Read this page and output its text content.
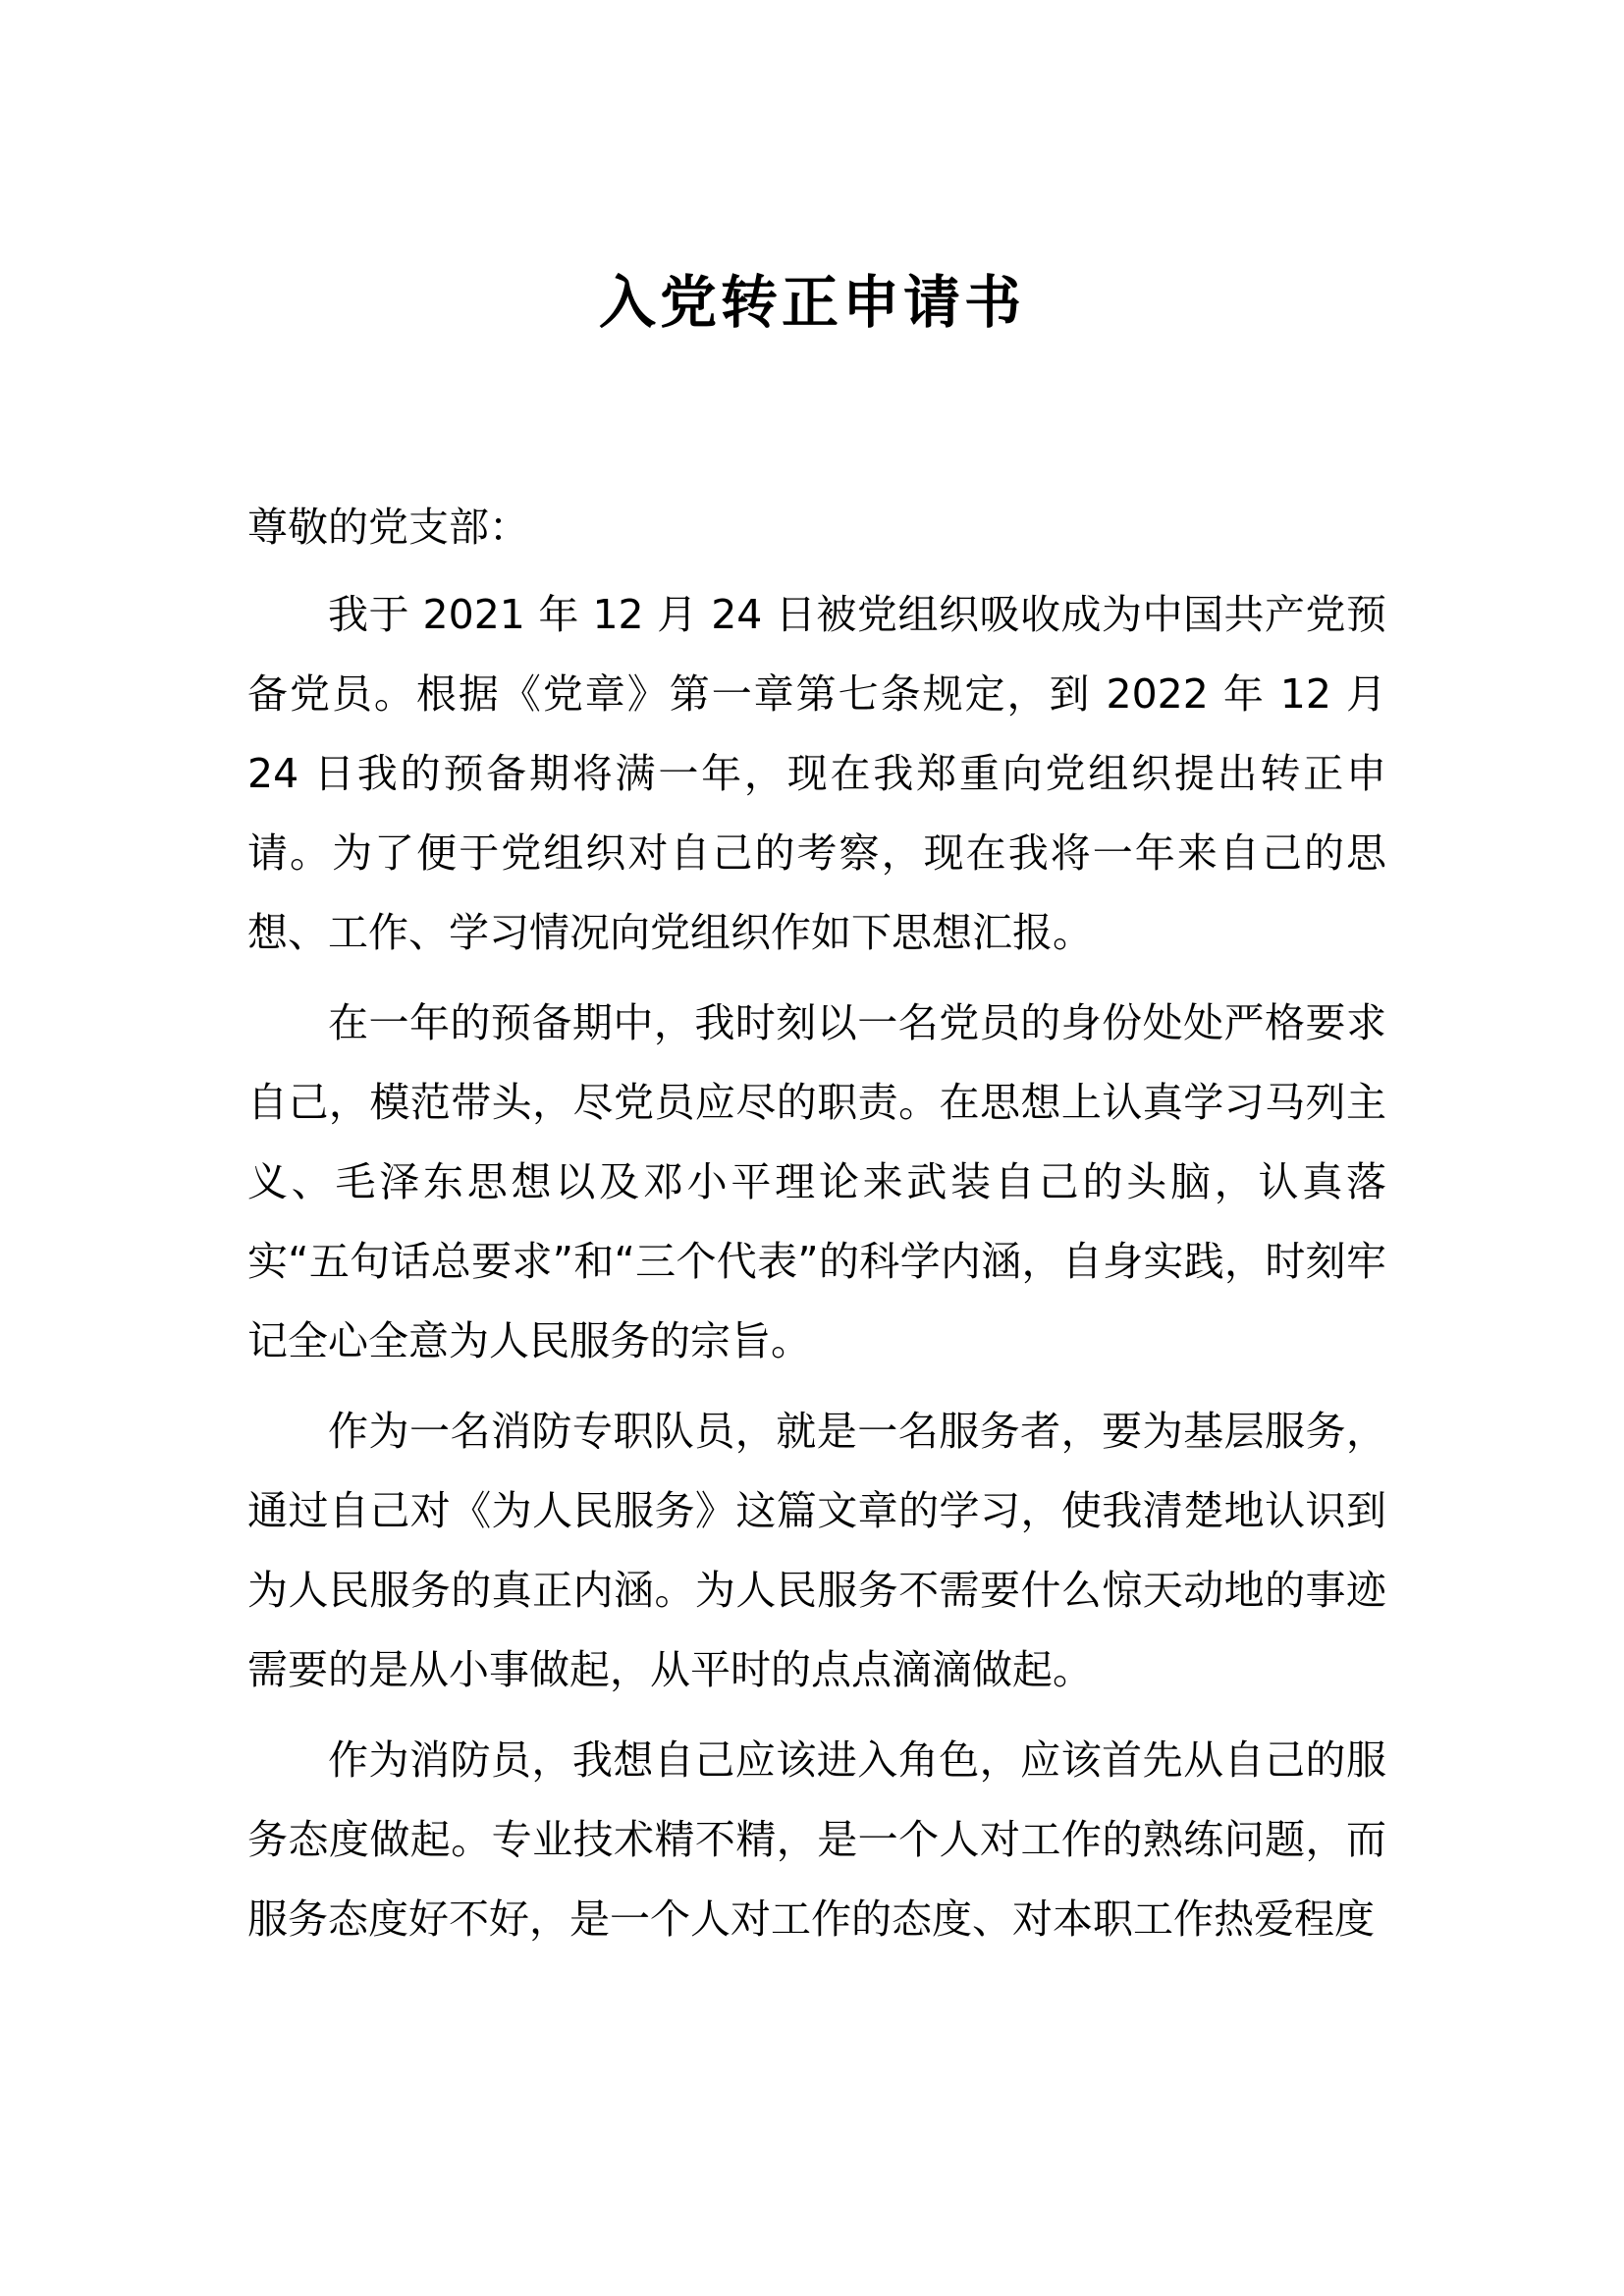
入党转正申请书

尊敬的党支部：

我于 2021 年 12 月 24 日被党组织吸收成为中国共产党预备党员。根据《党章》第一章第七条规定，到 2022 年 12 月 24 日我的预备期将满一年，现在我郑重向党组织提出转正申请。为了便于党组织对自己的考察，现在我将一年来自己的思想、工作、学习情况向党组织作如下思想汇报。

在一年的预备期中，我时刻以一名党员的身份处处严格要求自己，模范带头，尽党员应尽的职责。在思想上认真学习马列主义、毛泽东思想以及邓小平理论来武装自己的头脑，认真落实“五句话总要求”和“三个代表”的科学内涵，自身实践，时刻牢记全心全意为人民服务的宗旨。

作为一名消防专职队员，就是一名服务者，要为基层服务，通过自己对《为人民服务》这篇文章的学习，使我清楚地认识到为人民服务的真正内涵。为人民服务不需要什么惊天动地的事迹需要的是从小事做起，从平时的点点滴滴做起。

作为消防员，我想自己应该进入角色，应该首先从自己的服务态度做起。专业技术精不精，是一个人对工作的熟练问题，而服务态度好不好，是一个人对工作的态度、对本职工作热爱程度
